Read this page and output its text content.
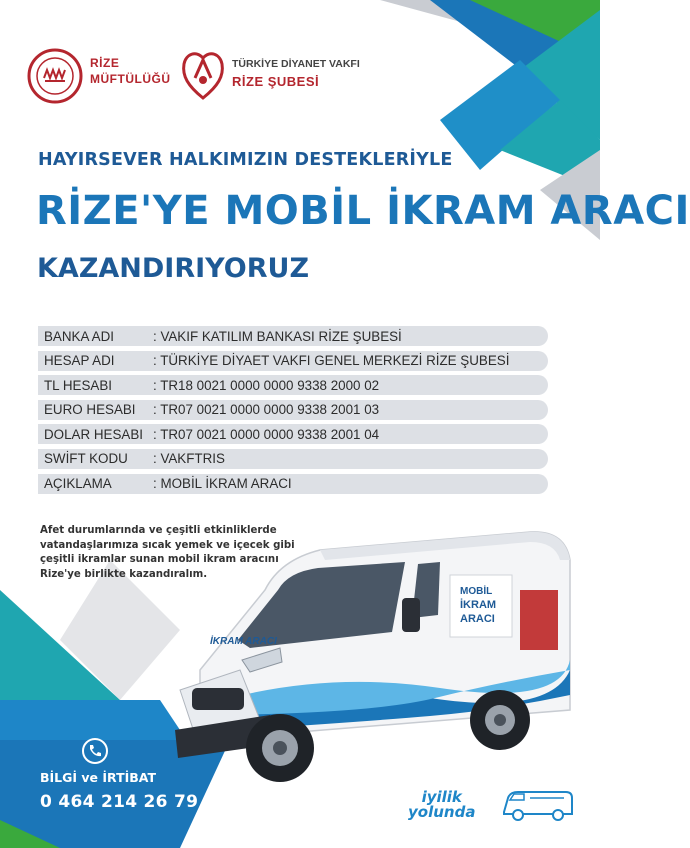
RİZE
MÜFTÜLÜĞÜ
TÜRKİYE DİYANET VAKFI
RİZE ŞUBESİ
HAYIRSEVER HALKIMIZIN DESTEKLERİYLE
RİZE'YE MOBİL İKRAM ARACI
KAZANDIRIYORUZ
BANKA ADI	: VAKIF KATILIM BANKASI RİZE ŞUBESİ
HESAP ADI	: TÜRKİYE DİYAET VAKFI GENEL MERKEZİ RİZE ŞUBESİ
TL HESABI	: TR18 0021 0000 0000 9338 2000 02
EURO HESABI	: TR07 0021 0000 0000 9338 2001 03
DOLAR HESABI : TR07 0021 0000 0000 9338 2001 04
SWİFT KODU	: VAKFTRIS
AÇIKLAMA	: MOBİL İKRAM ARACI
Afet durumlarında ve çeşitli etkinliklerde vatandaşlarımıza sıcak yemek ve içecek gibi çeşitli ikramlar sunan mobil ikram aracını Rize'ye birlikte kazandıralım.
MOBİL
İKRAM
ARACI
İKRAM ARACI
BİLGİ ve İRTİBAT
0 464 214 26 79	iyilik
yolunda
